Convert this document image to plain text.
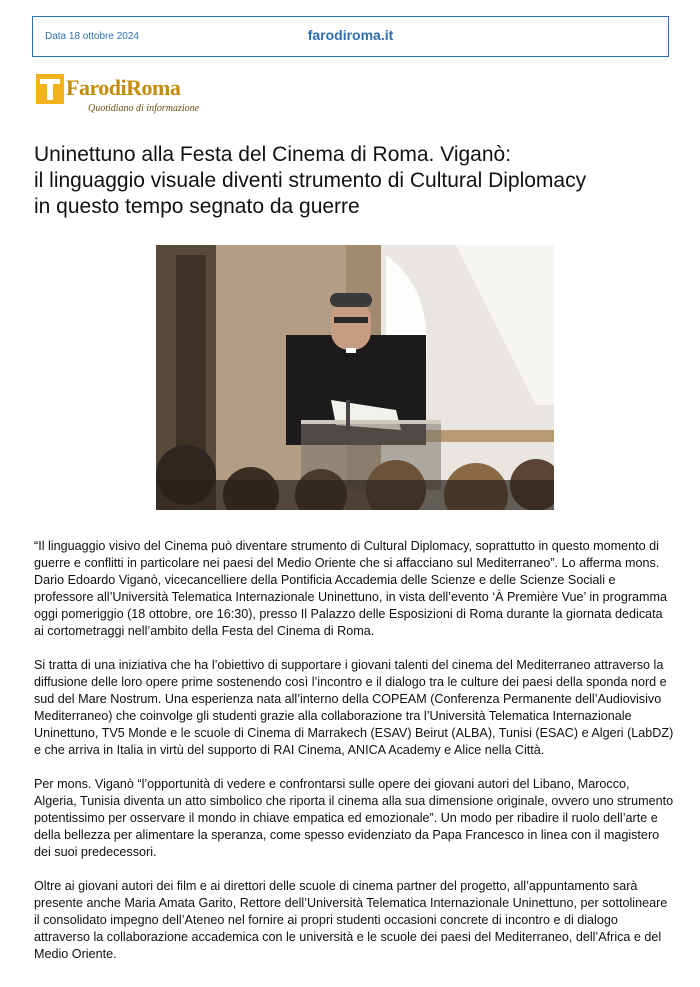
Data 18 ottobre 2024	farodiroma.it
FarodiRoma
Quotidiano di informazione
Uninettuno alla Festa del Cinema di Roma. Viganò:
il linguaggio visuale diventi strumento di Cultural Diplomacy
in questo tempo segnato da guerre

“Il linguaggio visivo del Cinema può diventare strumento di Cultural Diplomacy, soprattutto in questo momento di guerre e conflitti in particolare nei paesi del Medio Oriente che si affacciano sul Mediterraneo”. Lo afferma mons. Dario Edoardo Viganò, vicecancelliere della Pontificia Accademia delle Scienze e delle Scienze Sociali e professore all’Università Telematica Internazionale Uninettuno, in vista dell’evento ‘À Première Vue’ in programma oggi pomeriggio (18 ottobre, ore 16:30), presso Il Palazzo delle Esposizioni di Roma durante la giornata dedicata ai cortometraggi nell’ambito della Festa del Cinema di Roma.

Si tratta di una iniziativa che ha l’obiettivo di supportare i giovani talenti del cinema del Mediterraneo attraverso la diffusione delle loro opere prime sostenendo così l’incontro e il dialogo tra le culture dei paesi della sponda nord e sud del Mare Nostrum. Una esperienza nata all’interno della COPEAM (Conferenza Permanente dell’Audiovisivo Mediterraneo) che coinvolge gli studenti grazie alla collaborazione tra l’Università Telematica Internazionale Uninettuno, TV5 Monde e le scuole di Cinema di Marrakech (ESAV) Beirut (ALBA), Tunisi (ESAC) e Algeri (LabDZ) e che arriva in Italia in virtù del supporto di RAI Cinema, ANICA Academy e Alice nella Città.

Per mons. Viganò “l’opportunità di vedere e confrontarsi sulle opere dei giovani autori del Libano, Marocco, Algeria, Tunisia diventa un atto simbolico che riporta il cinema alla sua dimensione originale, ovvero uno strumento potentissimo per osservare il mondo in chiave empatica ed emozionale”. Un modo per ribadire il ruolo dell’arte e della bellezza per alimentare la speranza, come spesso evidenziato da Papa Francesco in linea con il magistero dei suoi predecessori.

Oltre ai giovani autori dei film e ai direttori delle scuole di cinema partner del progetto, all’appuntamento sarà presente anche Maria Amata Garito, Rettore dell’Università Telematica Internazionale Uninettuno, per sottolineare il consolidato impegno dell’Ateneo nel fornire ai propri studenti occasioni concrete di incontro e di dialogo attraverso la collaborazione accademica con le università e le scuole dei paesi del Mediterraneo, dell’Africa e del Medio Oriente.
